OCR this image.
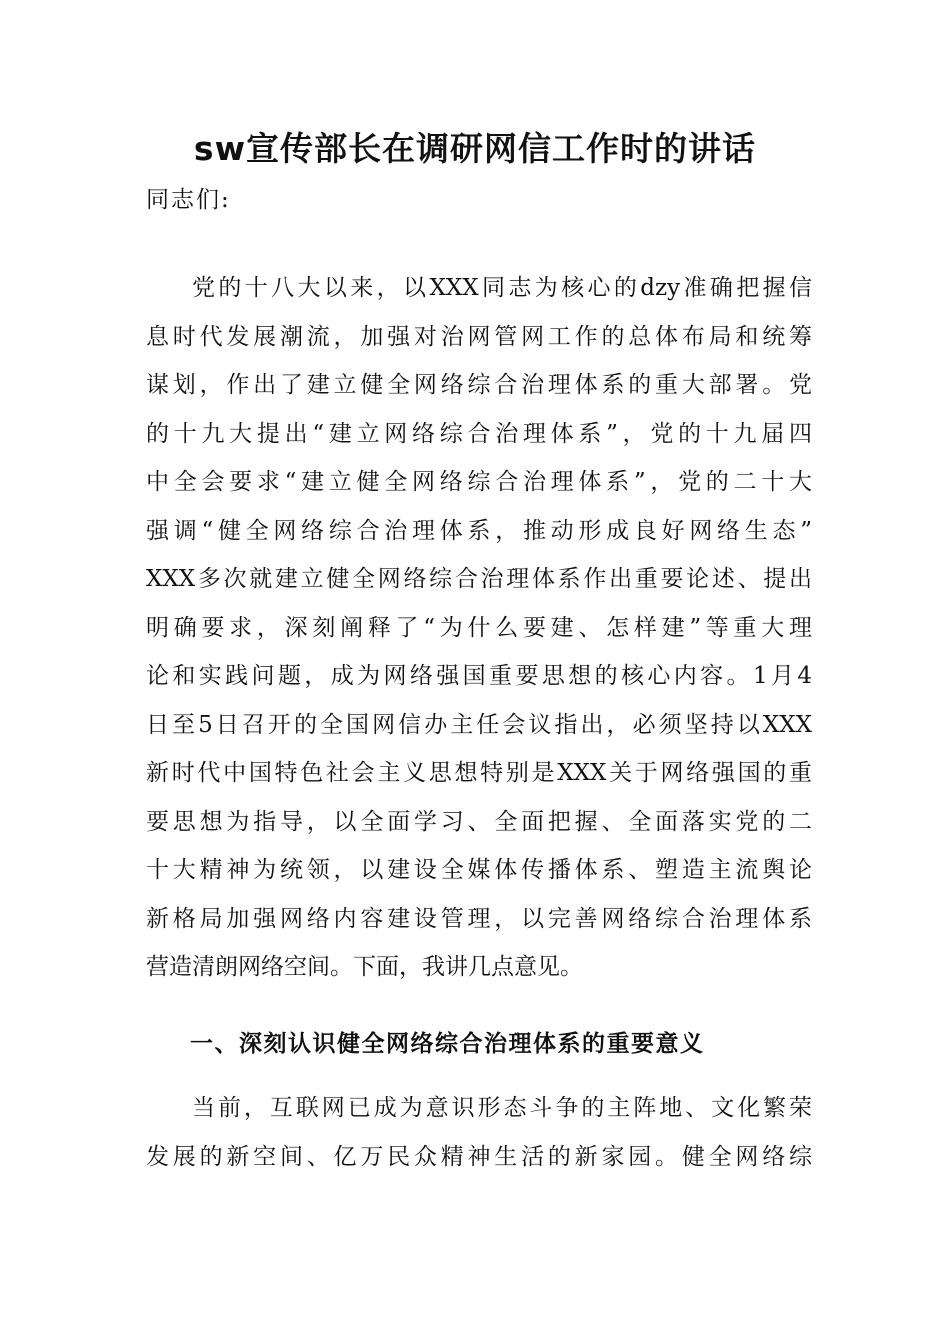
sw宣传部长在调研网信工作时的讲话
同志们:
党的十八大以来，以XXX同志为核心的dzy准确把握信
息时代发展潮流，加强对治网管网工作的总体布局和统筹
谋划，作出了建立健全网络综合治理体系的重大部署。党
的十九大提出“建立网络综合治理体系”，党的十九届四
中全会要求“建立健全网络综合治理体系”，党的二十大
强调“健全网络综合治理体系，推动形成良好网络生态”
XXX多次就建立健全网络综合治理体系作出重要论述、提出
明确要求，深刻阐释了“为什么要建、怎样建”等重大理
论和实践问题，成为网络强国重要思想的核心内容。1月4
日至5日召开的全国网信办主任会议指出，必须坚持以XXX
新时代中国特色社会主义思想特别是XXX关于网络强国的重
要思想为指导，以全面学习、全面把握、全面落实党的二
十大精神为统领，以建设全媒体传播体系、塑造主流舆论
新格局加强网络内容建设管理，以完善网络综合治理体系
营造清朗网络空间。下面，我讲几点意见。
一、深刻认识健全网络综合治理体系的重要意义
当前，互联网已成为意识形态斗争的主阵地、文化繁荣
发展的新空间、亿万民众精神生活的新家园。健全网络综
